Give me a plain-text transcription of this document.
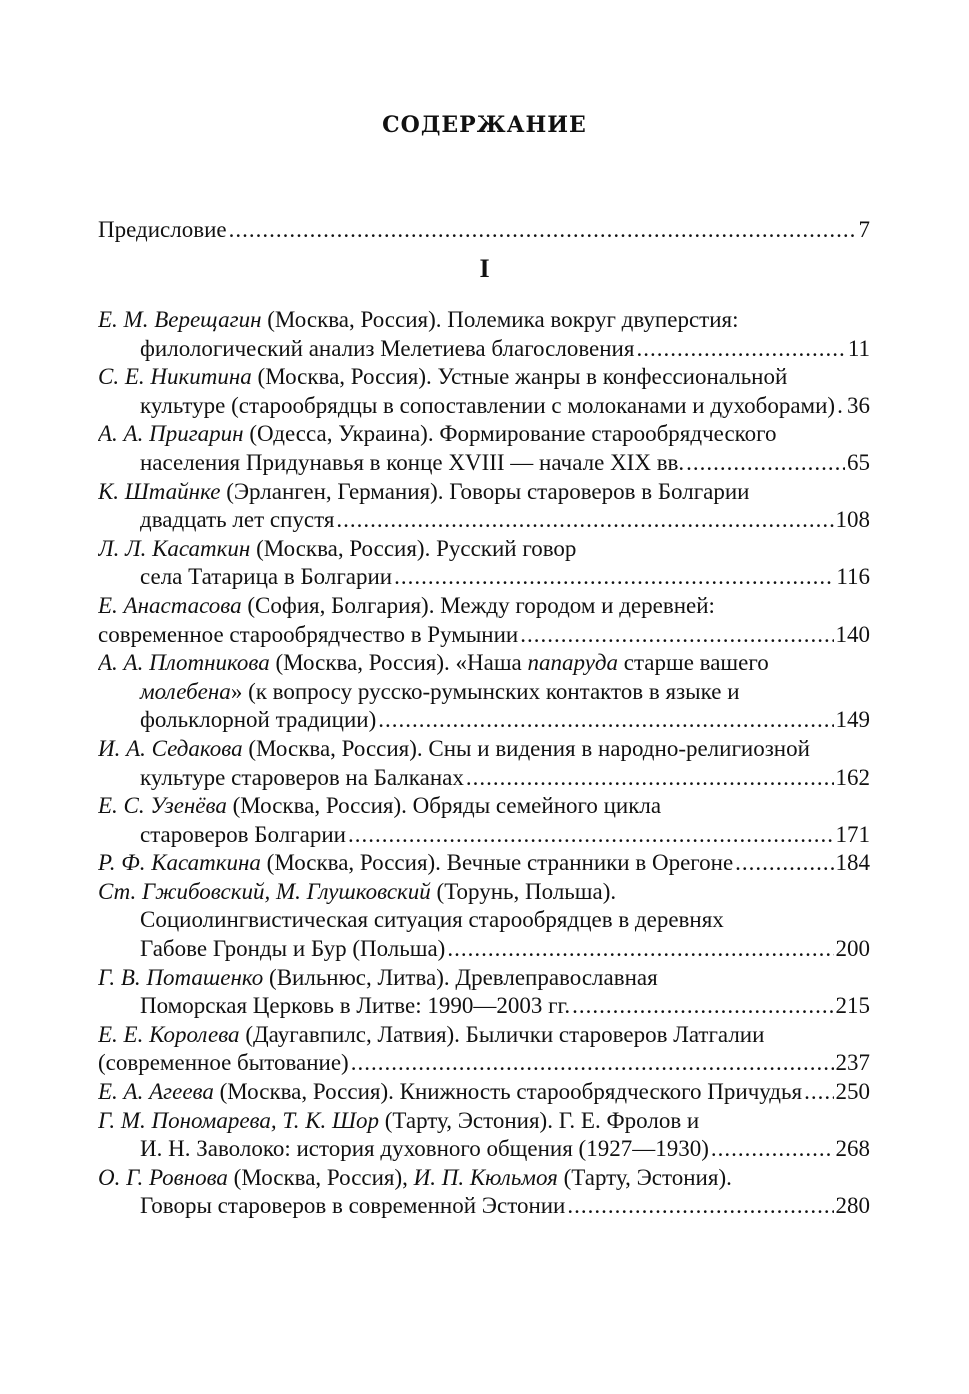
СОДЕРЖАНИЕ
Предисловие .....	7
I
Е. М. Верещагин (Москва, Россия). Полемика вокруг двуперстия:
филологический анализ Мелетиева благословения .....	11
С. Е. Никитина (Москва, Россия). Устные жанры в конфессиональной
культуре (старообрядцы в сопоставлении с молоканами и духоборами) ..... 36
А. А. Пригарин (Одесса, Украина). Формирование старообрядческого
населения Придунавья в конце XVIII — начале XIX вв. .....	65
К. Штайнке (Эрланген, Германия). Говоры староверов в Болгарии
двадцать лет спустя .....	108
Л. Л. Касаткин (Москва, Россия). Русский говор
села Татарица в Болгарии .....	116
Е. Анастасова (София, Болгария). Между городом и деревней:
современное старообрядчество в Румынии .....	140
А. А. Плотникова (Москва, Россия). «Наша папаруда старше вашего
молебена» (к вопросу русско-румынских контактов в языке и
фольклорной традиции) .....	149
И. А. Седакова (Москва, Россия). Сны и видения в народно-религиозной
культуре староверов на Балканах .....	162
Е. С. Узенёва (Москва, Россия). Обряды семейного цикла
староверов Болгарии .....	171
Р. Ф. Касаткина (Москва, Россия). Вечные странники в Орегоне .....	184
Ст. Гжибовский, М. Глушковский (Торунь, Польша).
Социолингвистическая ситуация старообрядцев в деревнях
Габове Гронды и Бур (Польша) .....	200
Г. В. Поташенко (Вильнюс, Литва). Древлеправославная
Поморская Церковь в Литве: 1990—2003 гг. .....	215
Е. Е. Королева (Даугавпилс, Латвия). Былички староверов Латгалии
(современное бытование) .....	237
Е. А. Агеева (Москва, Россия). Книжность старообрядческого Причудья ..... 250
Г. М. Пономарева, Т. К. Шор (Тарту, Эстония). Г. Е. Фролов и
И. Н. Заволоко: история духовного общения (1927—1930) .....	268
О. Г. Ровнова (Москва, Россия), И. П. Кюльмоя (Тарту, Эстония).
Говоры староверов в современной Эстонии .....	280
